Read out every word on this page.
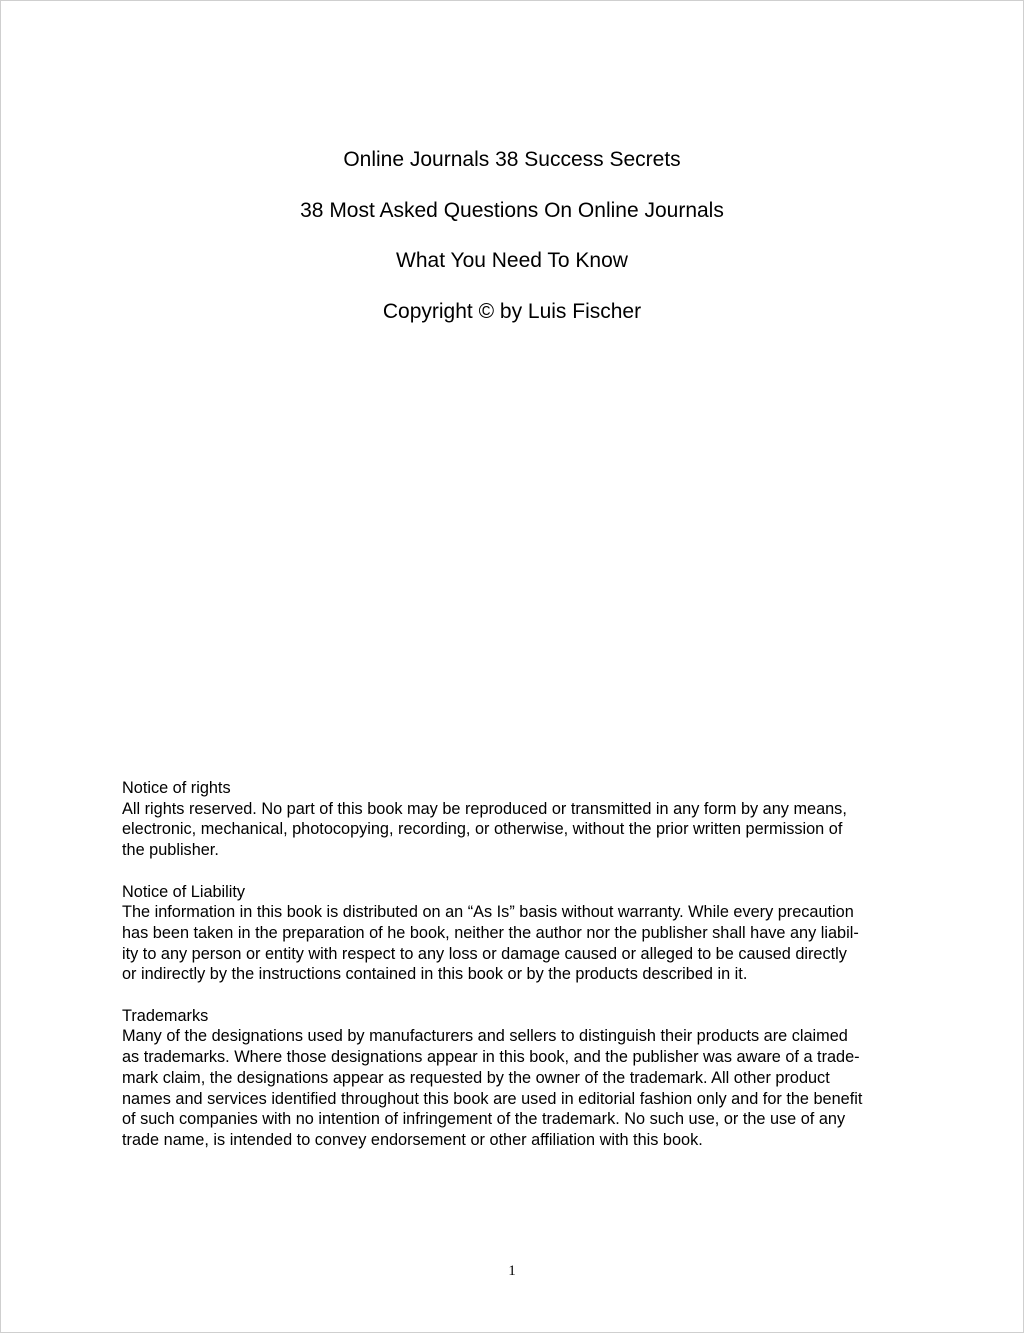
Online Journals 38 Success Secrets

38 Most Asked Questions On Online Journals

What You Need To Know

Copyright © by Luis Fischer

Notice of rights

All rights reserved. No part of this book may be reproduced or transmitted in any form by any means,
electronic, mechanical, photocopying, recording, or otherwise, without the prior written permission of
the publisher.

Notice of Liability

The information in this book is distributed on an “As Is” basis without warranty. While every precaution
has been taken in the preparation of he book, neither the author nor the publisher shall have any liabil-
ity to any person or entity with respect to any loss or damage caused or alleged to be caused directly
or indirectly by the instructions contained in this book or by the products described in it.

Trademarks

Many of the designations used by manufacturers and sellers to distinguish their products are claimed
as trademarks. Where those designations appear in this book, and the publisher was aware of a trade-
mark claim, the designations appear as requested by the owner of the trademark. All other product
names and services identified throughout this book are used in editorial fashion only and for the benefit
of such companies with no intention of infringement of the trademark. No such use, or the use of any
trade name, is intended to convey endorsement or other affiliation with this book.

1
